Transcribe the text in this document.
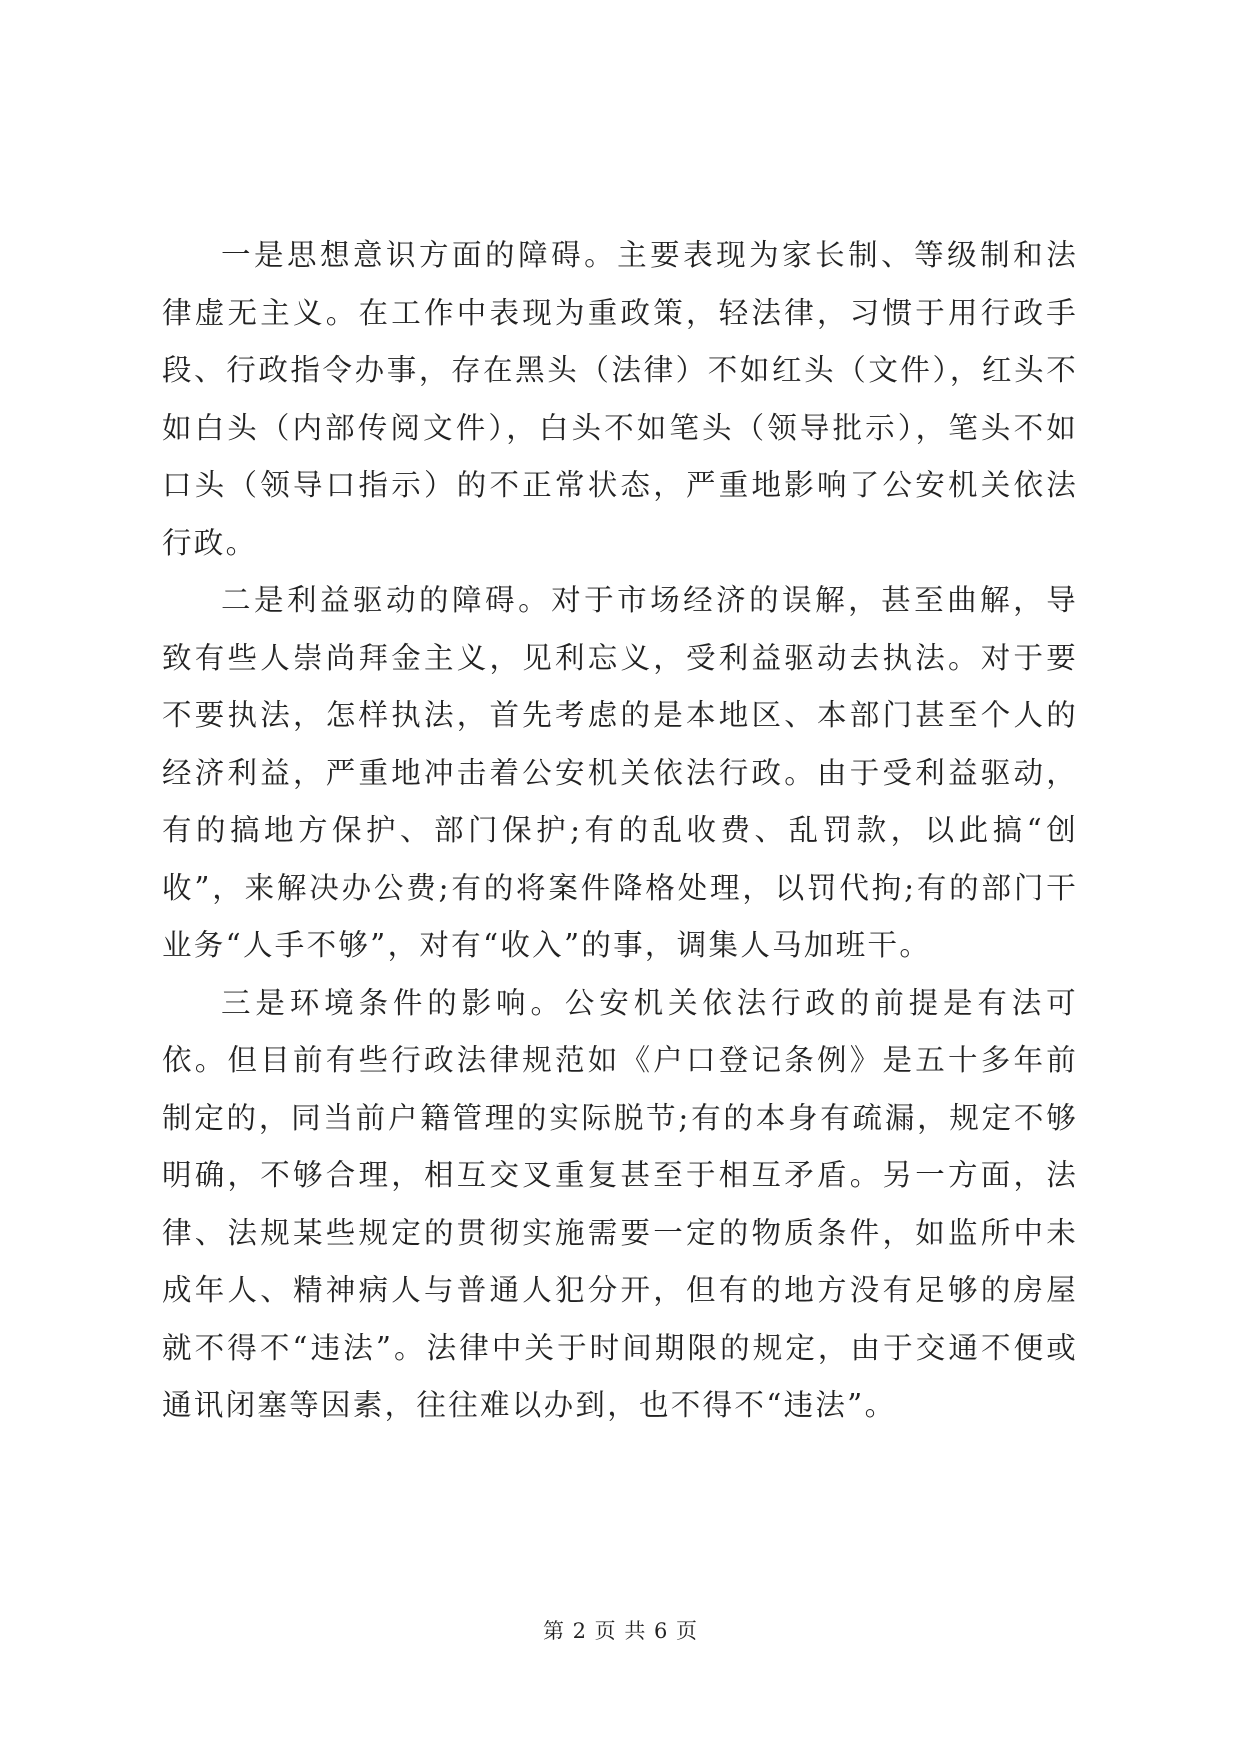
一是思想意识方面的障碍。主要表现为家长制、等级制和法律虚无主义。在工作中表现为重政策，轻法律，习惯于用行政手段、行政指令办事，存在黑头（法律）不如红头（文件），红头不如白头（内部传阅文件），白头不如笔头（领导批示），笔头不如口头（领导口指示）的不正常状态，严重地影响了公安机关依法行政。

二是利益驱动的障碍。对于市场经济的误解，甚至曲解，导致有些人崇尚拜金主义，见利忘义，受利益驱动去执法。对于要不要执法，怎样执法，首先考虑的是本地区、本部门甚至个人的经济利益，严重地冲击着公安机关依法行政。由于受利益驱动，有的搞地方保护、部门保护;有的乱收费、乱罚款，以此搞“创收”，来解决办公费;有的将案件降格处理，以罚代拘;有的部门干业务“人手不够”，对有“收入”的事，调集人马加班干。

三是环境条件的影响。公安机关依法行政的前提是有法可依。但目前有些行政法律规范如《户口登记条例》是五十多年前制定的，同当前户籍管理的实际脱节;有的本身有疏漏，规定不够明确，不够合理，相互交叉重复甚至于相互矛盾。另一方面，法律、法规某些规定的贯彻实施需要一定的物质条件，如监所中未成年人、精神病人与普通人犯分开，但有的地方没有足够的房屋就不得不“违法”。法律中关于时间期限的规定，由于交通不便或通讯闭塞等因素，往往难以办到，也不得不“违法”。

第 2 页 共 6 页
